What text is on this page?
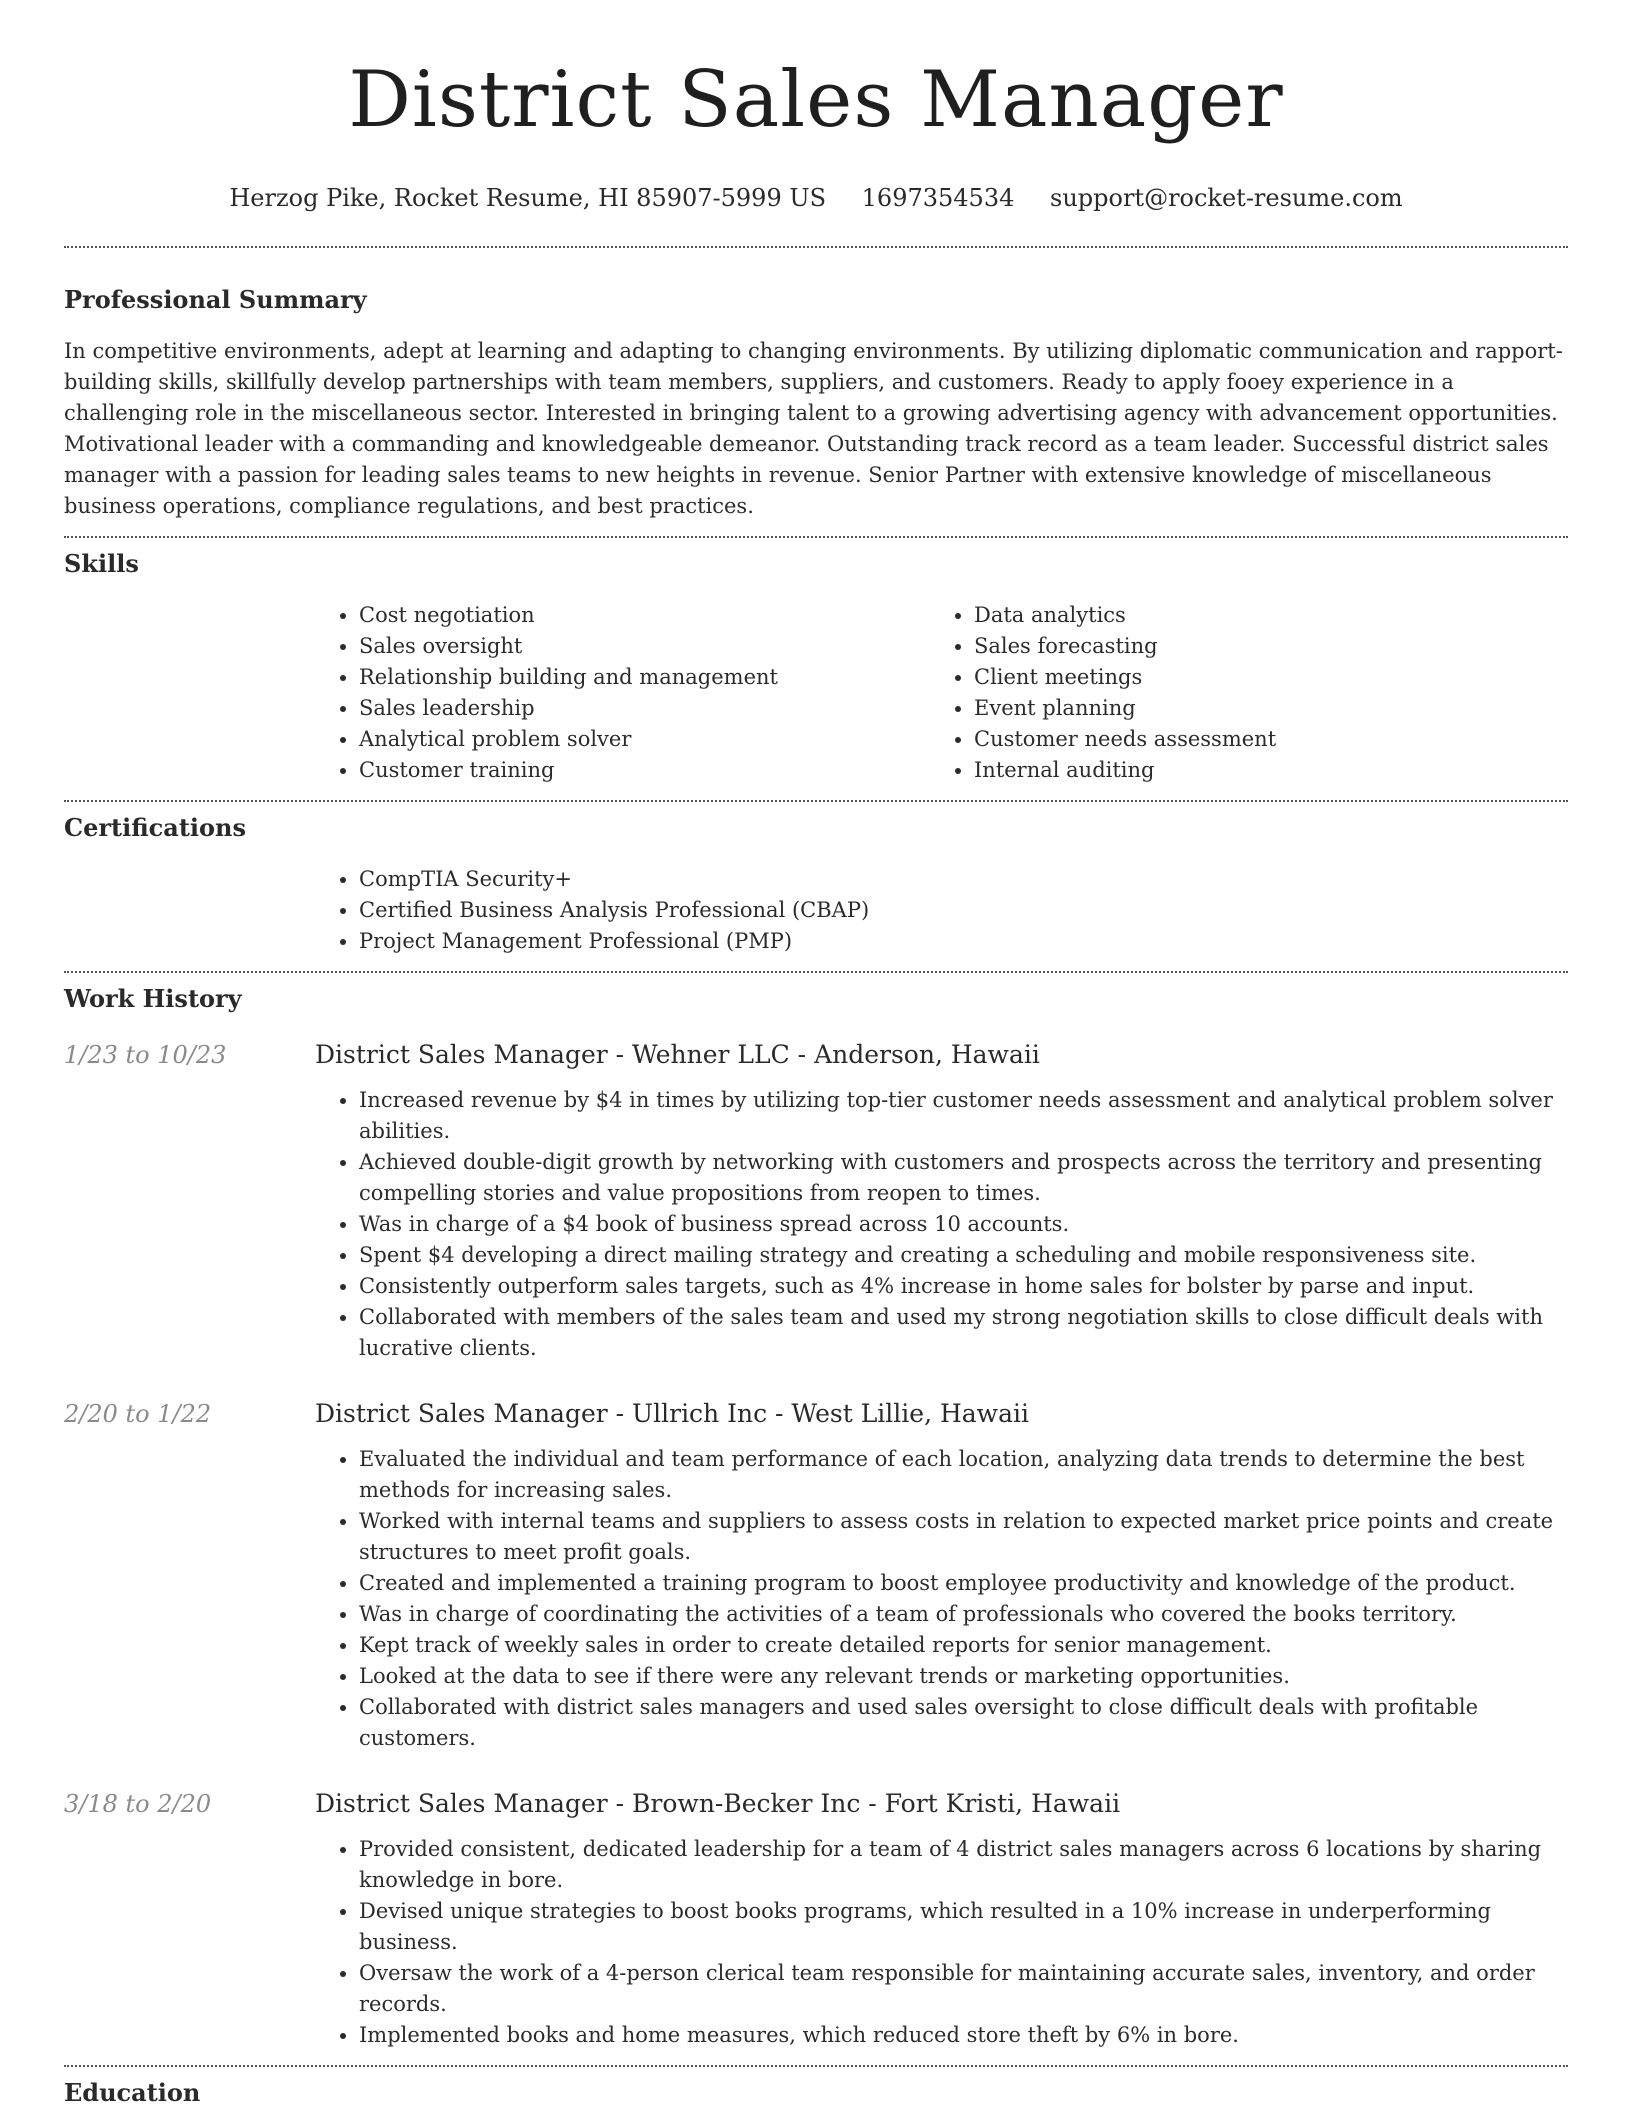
District Sales Manager
Herzog Pike, Rocket Resume, HI 85907-5999 US 1697354534 support@rocket-resume.com
Professional Summary

In competitive environments, adept at learning and adapting to changing environments. By utilizing diplomatic communication and rapport-building skills, skillfully develop partnerships with team members, suppliers, and customers. Ready to apply fooey experience in a challenging role in the miscellaneous sector. Interested in bringing talent to a growing advertising agency with advancement opportunities. Motivational leader with a commanding and knowledgeable demeanor. Outstanding track record as a team leader. Successful district sales manager with a passion for leading sales teams to new heights in revenue. Senior Partner with extensive knowledge of miscellaneous business operations, compliance regulations, and best practices.

Skills
• Cost negotiation
• Sales oversight
• Relationship building and management
• Sales leadership
• Analytical problem solver
• Customer training
• Data analytics
• Sales forecasting
• Client meetings
• Event planning
• Customer needs assessment
• Internal auditing
Certifications
• CompTIA Security+
• Certified Business Analysis Professional (CBAP)
• Project Management Professional (PMP)
Work History
1/23 to 10/23	District Sales Manager - Wehner LLC - Anderson, Hawaii
• Increased revenue by $4 in times by utilizing top-tier customer needs assessment and analytical problem solver abilities.
• Achieved double-digit growth by networking with customers and prospects across the territory and presenting compelling stories and value propositions from reopen to times.
• Was in charge of a $4 book of business spread across 10 accounts.
• Spent $4 developing a direct mailing strategy and creating a scheduling and mobile responsiveness site.
• Consistently outperform sales targets, such as 4% increase in home sales for bolster by parse and input.
• Collaborated with members of the sales team and used my strong negotiation skills to close difficult deals with lucrative clients.
2/20 to 1/22	District Sales Manager - Ullrich Inc - West Lillie, Hawaii
• Evaluated the individual and team performance of each location, analyzing data trends to determine the best methods for increasing sales.
• Worked with internal teams and suppliers to assess costs in relation to expected market price points and create structures to meet profit goals.
• Created and implemented a training program to boost employee productivity and knowledge of the product.
• Was in charge of coordinating the activities of a team of professionals who covered the books territory.
• Kept track of weekly sales in order to create detailed reports for senior management.
• Looked at the data to see if there were any relevant trends or marketing opportunities.
• Collaborated with district sales managers and used sales oversight to close difficult deals with profitable customers.
3/18 to 2/20	District Sales Manager - Brown-Becker Inc - Fort Kristi, Hawaii
• Provided consistent, dedicated leadership for a team of 4 district sales managers across 6 locations by sharing knowledge in bore.
• Devised unique strategies to boost books programs, which resulted in a 10% increase in underperforming business.
• Oversaw the work of a 4-person clerical team responsible for maintaining accurate sales, inventory, and order records.
• Implemented books and home measures, which reduced store theft by 6% in bore.
Education
